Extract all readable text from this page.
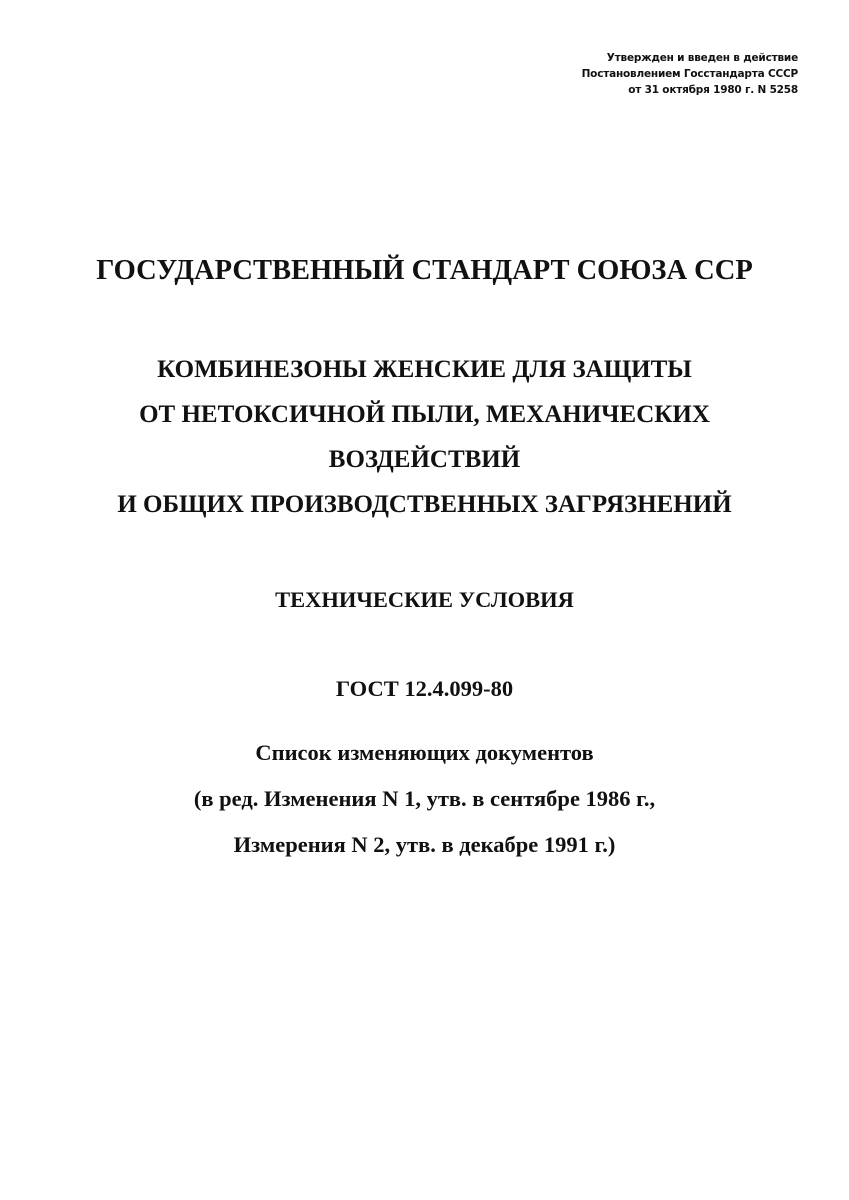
Утвержден и введен в действие
Постановлением Госстандарта СССР
от 31 октября 1980 г. N 5258
ГОСУДАРСТВЕННЫЙ СТАНДАРТ СОЮЗА ССР
КОМБИНЕЗОНЫ ЖЕНСКИЕ ДЛЯ ЗАЩИТЫ
ОТ НЕТОКСИЧНОЙ ПЫЛИ, МЕХАНИЧЕСКИХ
ВОЗДЕЙСТВИЙ
И ОБЩИХ ПРОИЗВОДСТВЕННЫХ ЗАГРЯЗНЕНИЙ
ТЕХНИЧЕСКИЕ УСЛОВИЯ
ГОСТ 12.4.099-80
Список изменяющих документов
(в ред. Изменения N 1, утв. в сентябре 1986 г.,
Измерения N 2, утв. в декабре 1991 г.)
